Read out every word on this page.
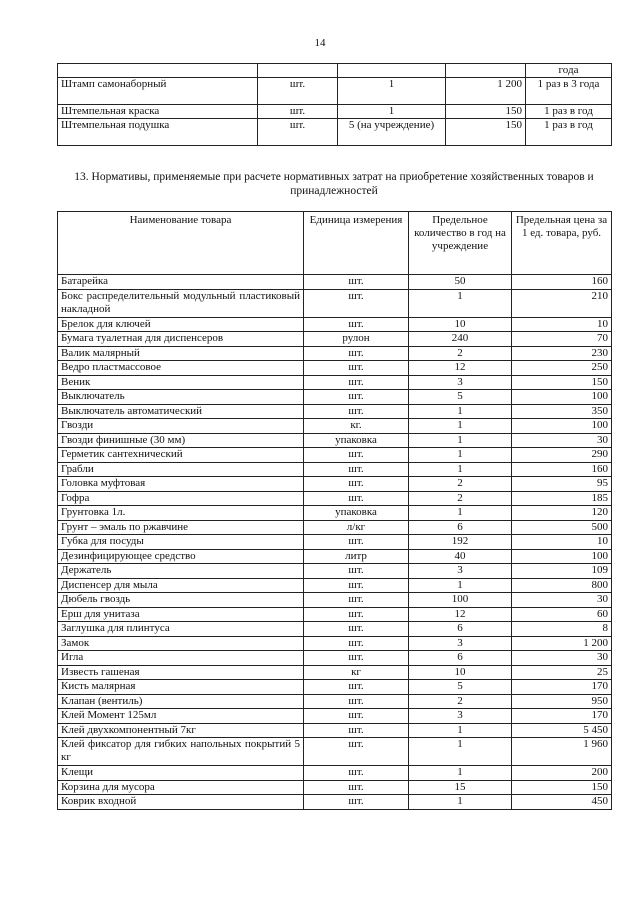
14
				года
Штамп самонаборный	шт.	1	1 200	1 раз в 3 года
Штемпельная краска	шт.	1	150	1 раз в год
Штемпельная подушка	шт.	5 (на учреждение)	150	1 раз в год
13. Нормативы, применяемые при расчете нормативных затрат на приобретение хозяйственных товаров и принадлежностей
Наименование товара	Единица измерения	Предельное количество в год на учреждение	Предельная цена за 1 ед. товара, руб.
Батарейка	шт.	50	160
Бокс распределительный модульный пластиковый накладной	шт.	1	210
Брелок для ключей	шт.	10	10
Бумага туалетная для диспенсеров	рулон	240	70
Валик малярный	шт.	2	230
Ведро пластмассовое	шт.	12	250
Веник	шт.	3	150
Выключатель	шт.	5	100
Выключатель автоматический	шт.	1	350
Гвозди	кг.	1	100
Гвозди финишные (30 мм)	упаковка	1	30
Герметик сантехнический	шт.	1	290
Грабли	шт.	1	160
Головка муфтовая	шт.	2	95
Гофра	шт.	2	185
Грунтовка 1л.	упаковка	1	120
Грунт – эмаль по ржавчине	л/кг	6	500
Губка для посуды	шт.	192	10
Дезинфицирующее средство	литр	40	100
Держатель	шт.	3	109
Диспенсер для мыла	шт.	1	800
Дюбель гвоздь	шт.	100	30
Ерш для унитаза	шт.	12	60
Заглушка для плинтуса	шт.	6	8
Замок	шт.	3	1 200
Игла	шт.	6	30
Известь гашеная	кг	10	25
Кисть малярная	шт.	5	170
Клапан (вентиль)	шт.	2	950
Клей Момент 125мл	шт.	3	170
Клей двухкомпонентный 7кг	шт.	1	5 450
Клей фиксатор для гибких напольных покрытий 5 кг	шт.	1	1 960
Клещи	шт.	1	200
Корзина для мусора	шт.	15	150
Коврик входной	шт.	1	450
